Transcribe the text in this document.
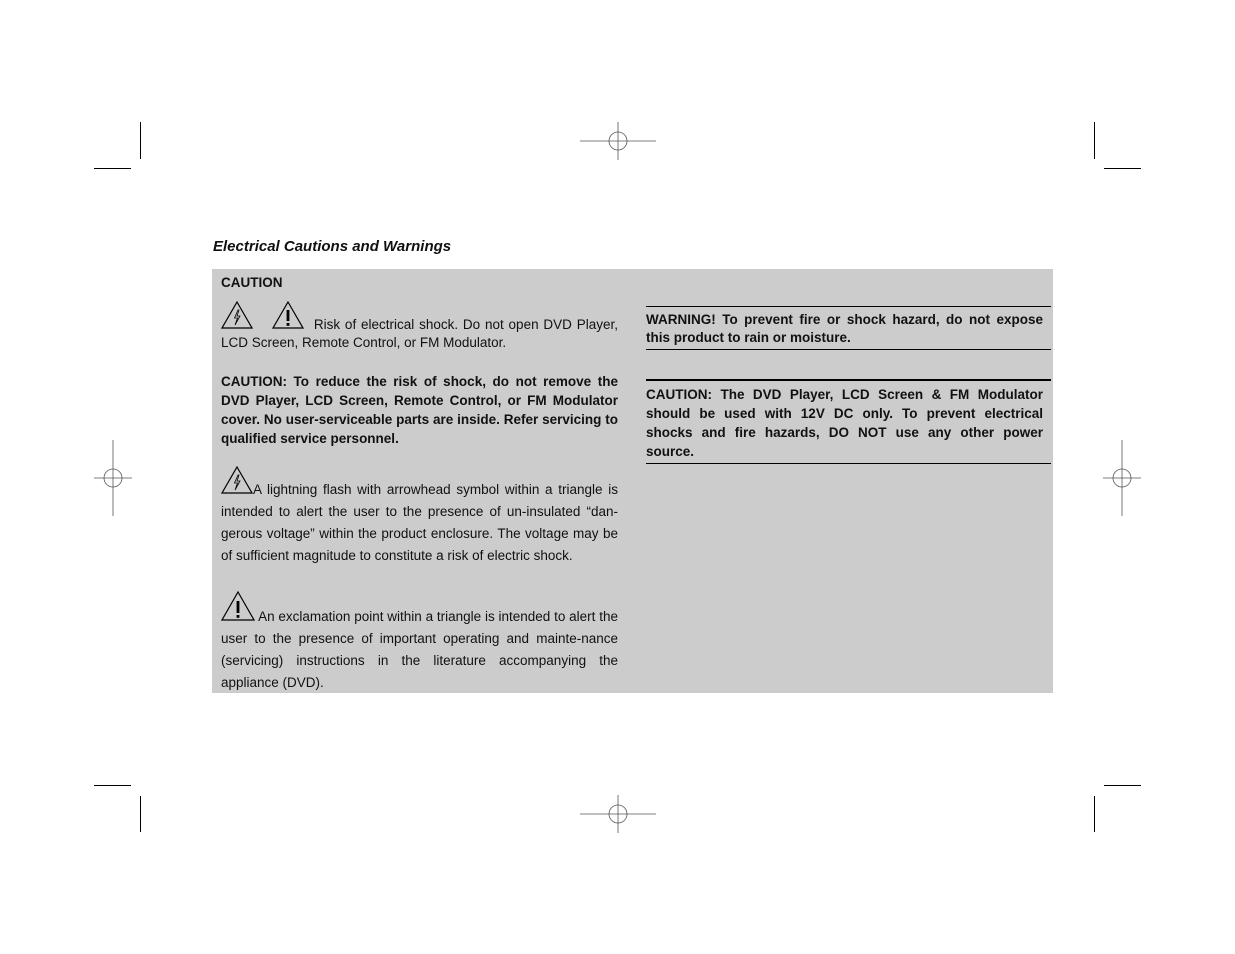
Electrical Cautions and Warnings
CAUTION

Risk of electrical shock. Do not open DVD Player, LCD Screen, Remote Control, or FM Modulator.

CAUTION: To reduce the risk of shock, do not remove the DVD Player, LCD Screen, Remote Control, or FM Modulator cover. No user-serviceable parts are inside. Refer servicing to qualified service personnel.

A lightning flash with arrowhead symbol within a triangle is intended to alert the user to the presence of un-insulated “dan-gerous voltage” within the product enclosure. The voltage may be of sufficient magnitude to constitute a risk of electric shock.

An exclamation point within a triangle is intended to alert the user to the presence of important operating and mainte-nance (servicing) instructions in the literature accompanying the appliance (DVD).

WARNING! To prevent fire or shock hazard, do not expose this product to rain or moisture.
CAUTION: The DVD Player, LCD Screen & FM Modulator should be used with 12V DC only. To prevent electrical shocks and fire hazards, DO NOT use any other power source.
